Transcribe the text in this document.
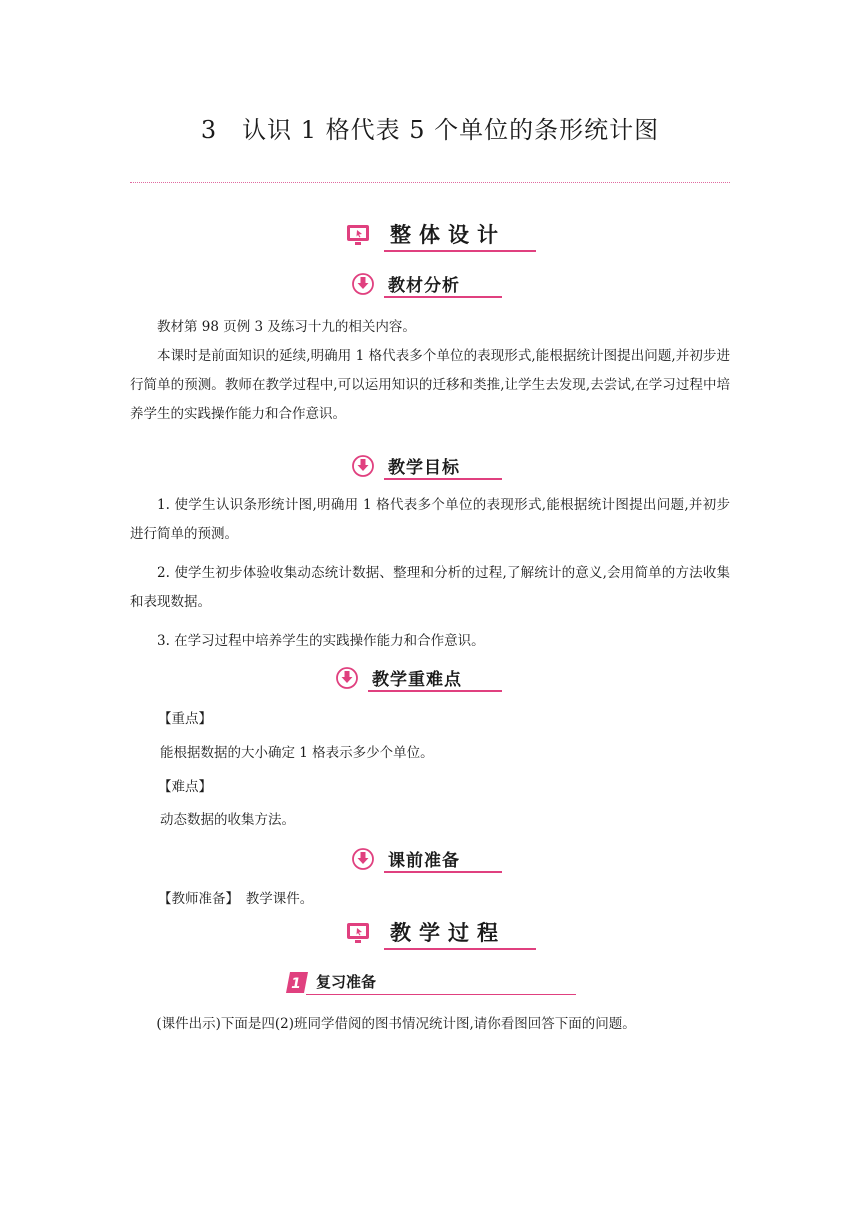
3　认识 1 格代表 5 个单位的条形统计图
整体设计
教材分析

教材第 98 页例 3 及练习十九的相关内容。

本课时是前面知识的延续,明确用 1 格代表多个单位的表现形式,能根据统计图提出问题,并初步进行简单的预测。教师在教学过程中,可以运用知识的迁移和类推,让学生去发现,去尝试,在学习过程中培养学生的实践操作能力和合作意识。

教学目标

1. 使学生认识条形统计图,明确用 1 格代表多个单位的表现形式,能根据统计图提出问题,并初步进行简单的预测。

2. 使学生初步体验收集动态统计数据、整理和分析的过程,了解统计的意义,会用简单的方法收集和表现数据。

3. 在学习过程中培养学生的实践操作能力和合作意识。

教学重难点

【重点】

能根据数据的大小确定 1 格表示多少个单位。

【难点】

动态数据的收集方法。

课前准备

【教师准备】　教学课件。

教学过程
1 复习准备

(课件出示)下面是四(2)班同学借阅的图书情况统计图,请你看图回答下面的问题。
